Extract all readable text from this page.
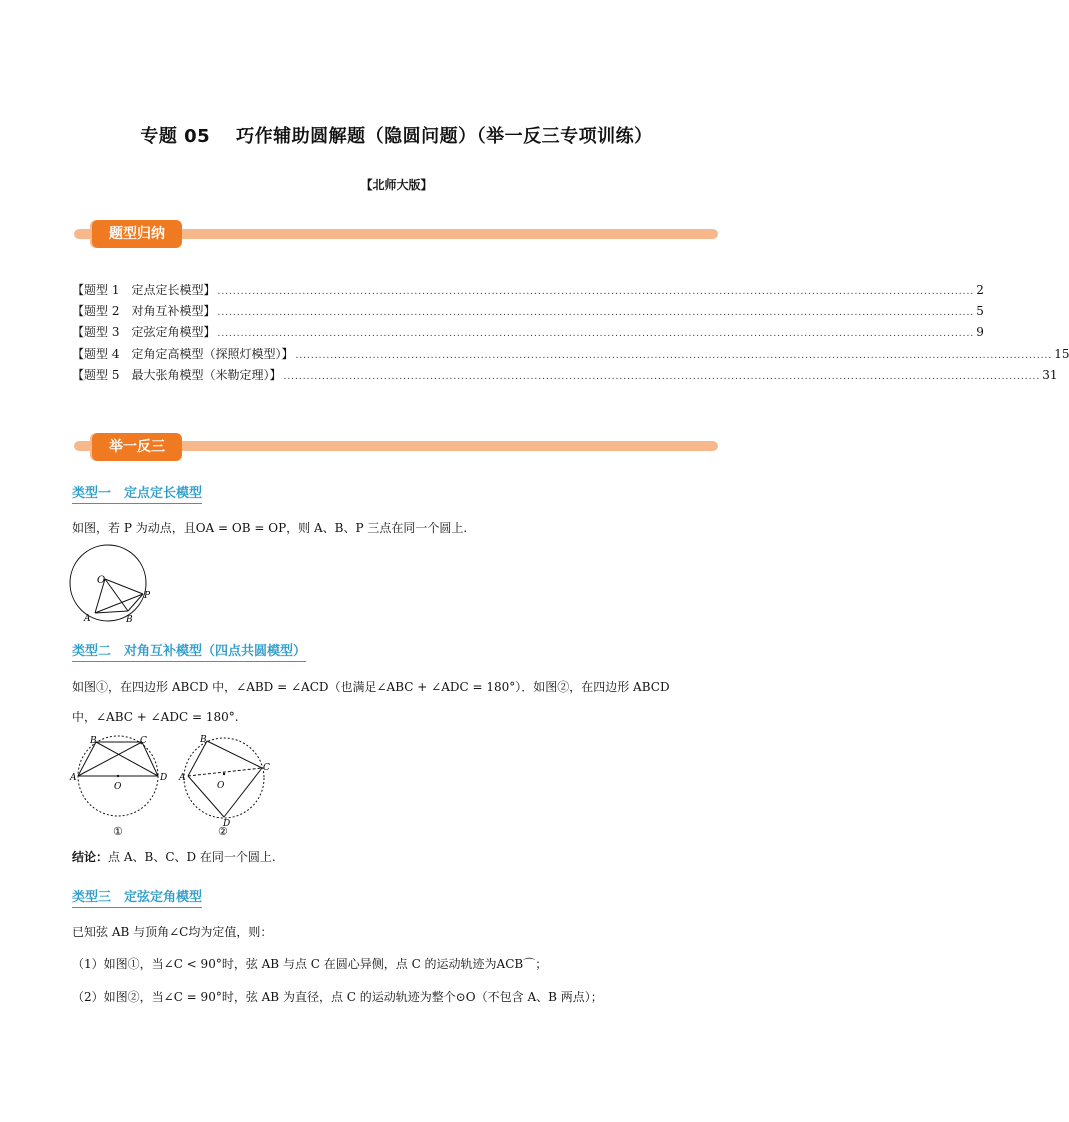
专题 05 巧作辅助圆解题（隐圆问题）（举一反三专项训练）
【北师大版】
题型归纳
【题型 1　定点定长模型】 .................................................................................................................................................................................................... 2
【题型 2　对角互补模型】 .................................................................................................................................................................................................... 5
【题型 3　定弦定角模型】 .................................................................................................................................................................................................... 9
【题型 4　定角定高模型（探照灯模型）】 .................................................................................................................................................................................................... 15
【题型 5　最大张角模型（米勒定理）】 .................................................................................................................................................................................................... 31
举一反三
类型一　定点定长模型
如图，若 P 为动点，且OA = OB = OP，则 A、B、P 三点在同一个圆上.
O
A	B
P
类型二　对角互补模型（四点共圆模型）
如图①，在四边形 ABCD 中，∠ABD = ∠ACD（也满足∠ABC + ∠ADC = 180°）．如图②，在四边形 ABCD
中，∠ABC + ∠ADC = 180°.
B	C
A	D
O
①
B
C
A
D
O
②
结论：点 A、B、C、D 在同一个圆上.
类型三　定弦定角模型
已知弦 AB 与顶角∠C均为定值，则：
（1）如图①，当∠C < 90°时，弦 AB 与点 C 在圆心异侧，点 C 的运动轨迹为ACB⌒；
（2）如图②，当∠C = 90°时，弦 AB 为直径，点 C 的运动轨迹为整个⊙O（不包含 A、B 两点）；
